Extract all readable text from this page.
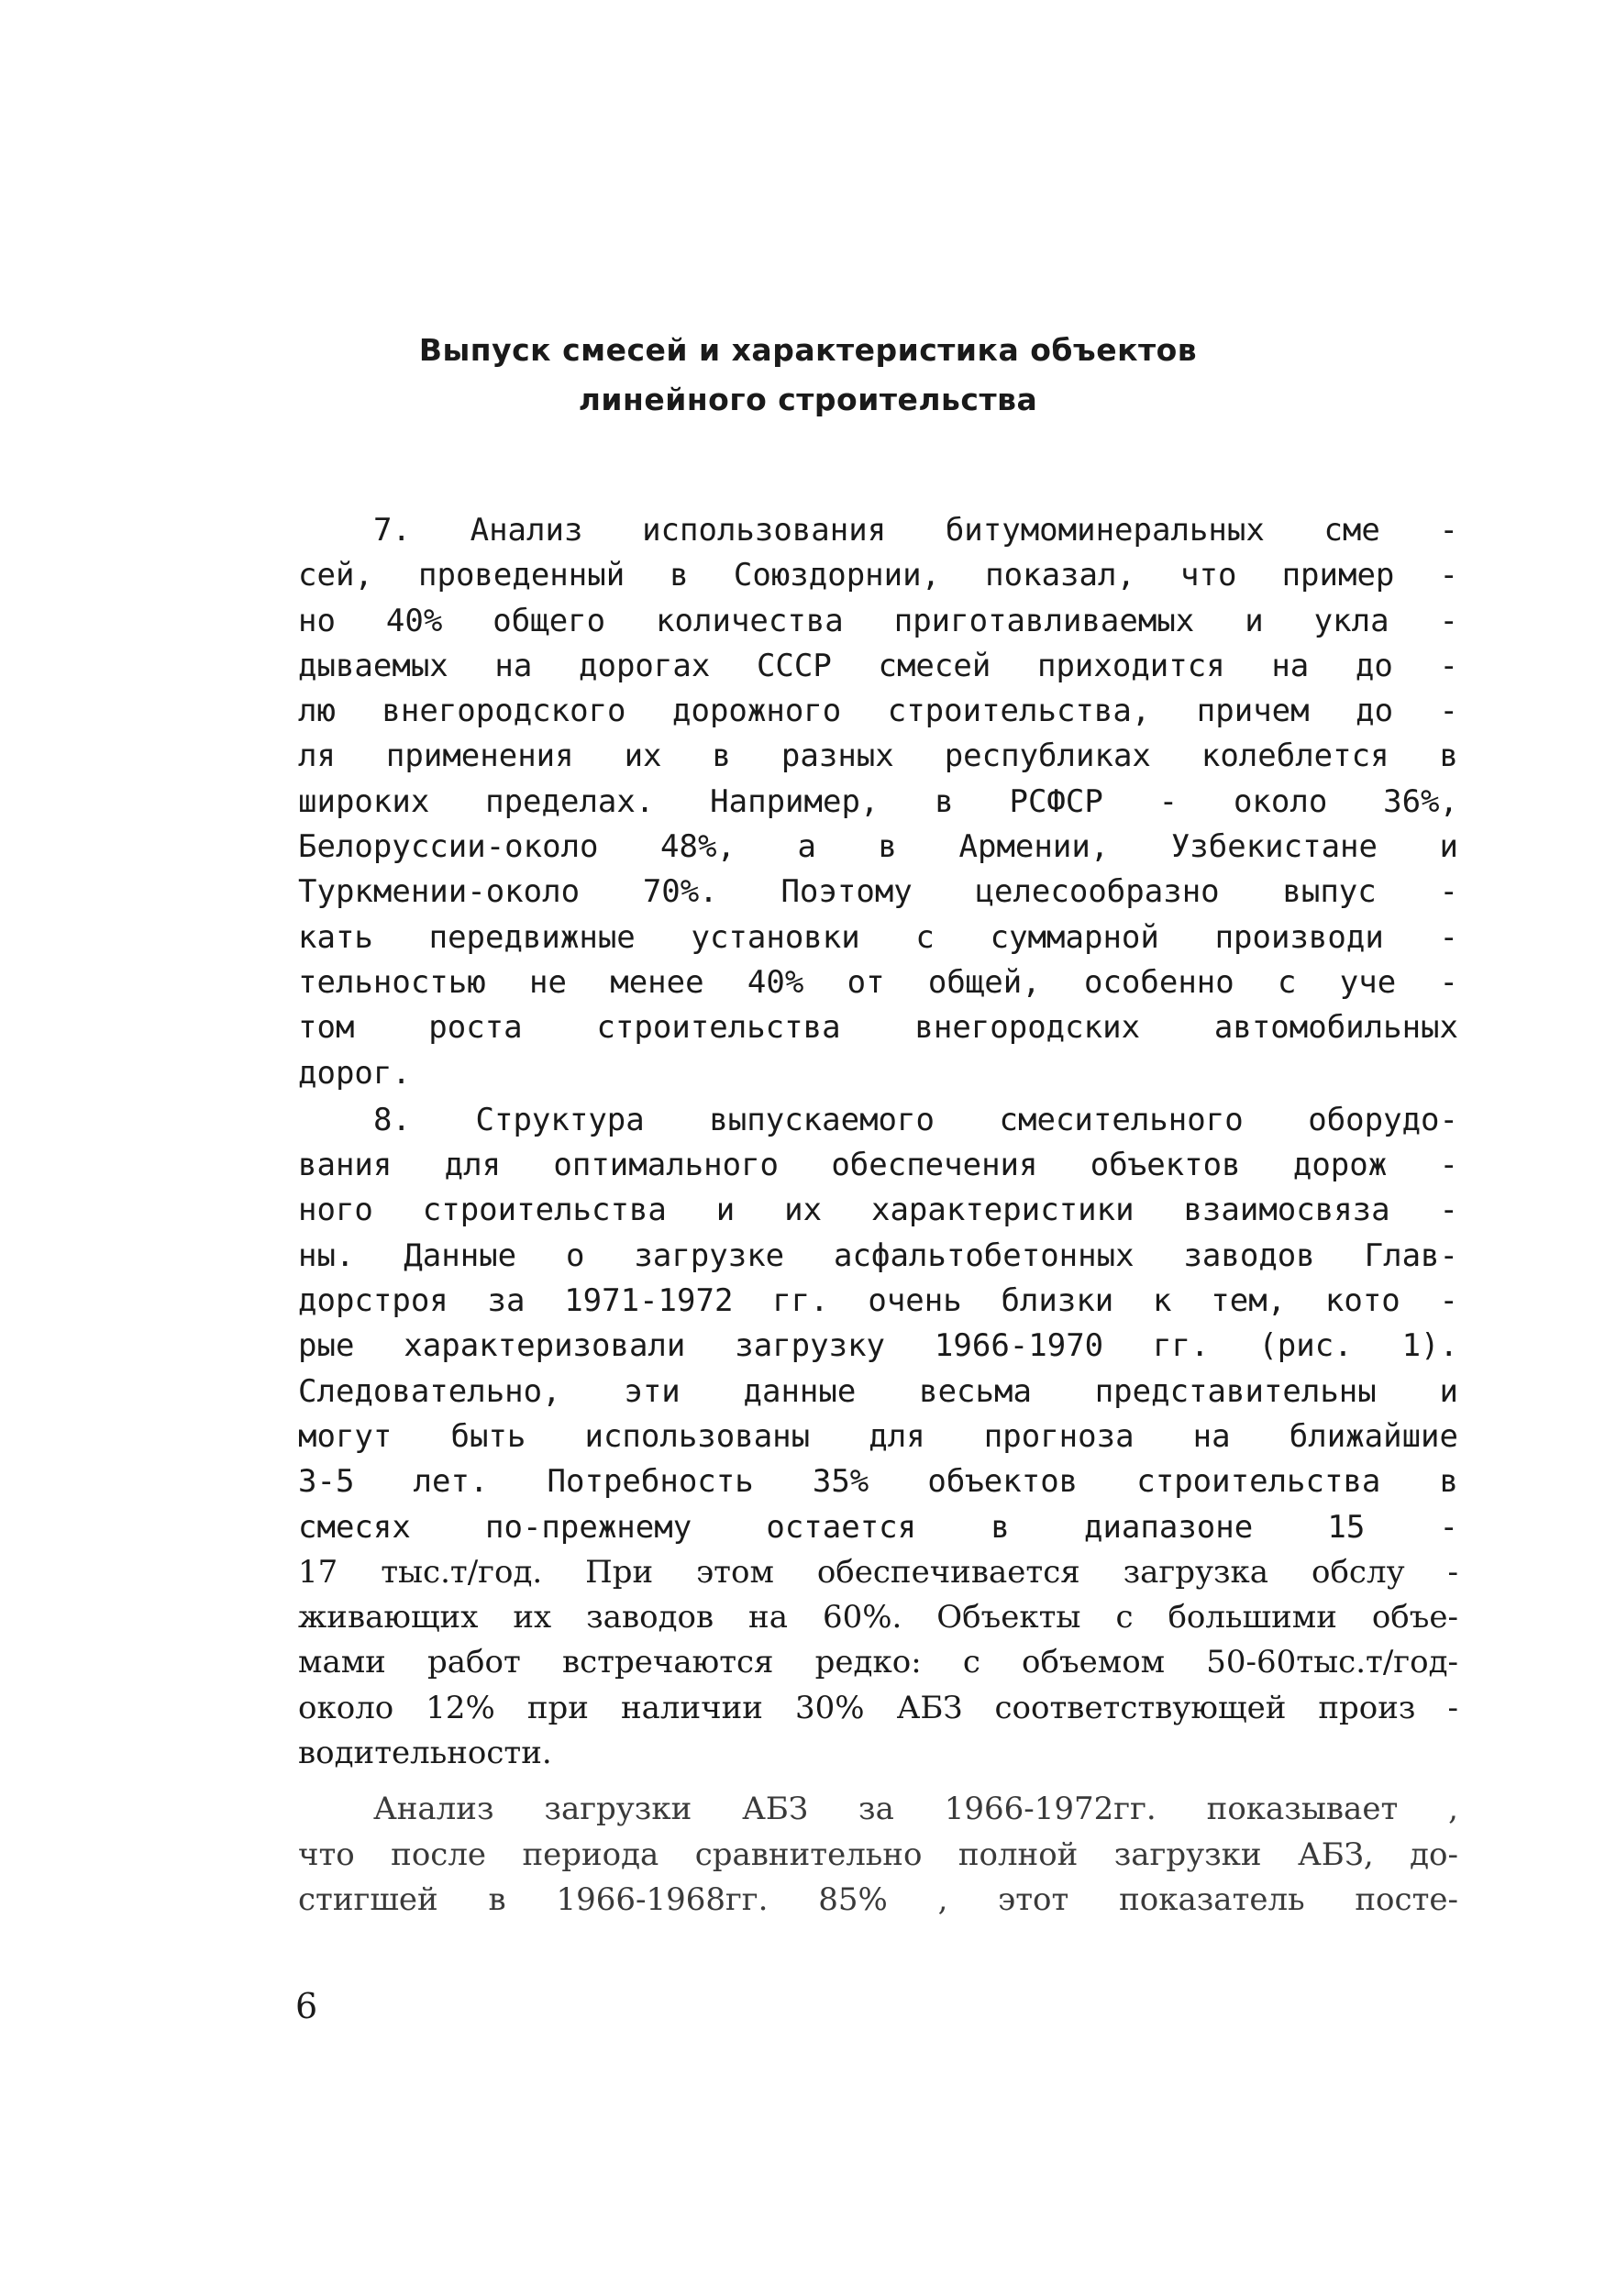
Выпуск смесей и характеристика объектов
линейного строительства
7. Анализ использования битумоминеральных сме -
сей, проведенный в Союздорнии, показал, что пример -
но 40% общего количества приготавливаемых и укла -
дываемых на дорогах СССР смесей приходится на до -
лю внегородского дорожного строительства, причем до -
ля применения их в разных республиках колеблется в
широких пределах. Например, в РСФСР - около 36%,
Белоруссии-около 48%, а в Армении, Узбекистане и
Туркмении-около 70%. Поэтому целесообразно выпус -
кать передвижные установки с суммарной производи -
тельностью не менее 40% от общей, особенно с уче -
том роста строительства внегородских автомобильных
дорог.
8. Структура выпускаемого смесительного оборудо-
вания для оптимального обеспечения объектов дорож -
ного строительства и их характеристики взаимосвяза -
ны. Данные о загрузке асфальтобетонных заводов Глав-
дорстроя за 1971-1972 гг. очень близки к тем, кото -
рые характеризовали загрузку 1966-1970 гг. (рис. 1).
Следовательно, эти данные весьма представительны и
могут быть использованы для прогноза на ближайшие
3-5 лет. Потребность 35% объектов строительства в
смесях по-прежнему остается в диапазоне 15 -
17 тыс.т/год. При этом обеспечивается загрузка обслу -
живающих их заводов на 60%. Объекты с большими объе-
мами работ встречаются редко: с объемом 50-60тыс.т/год-
около 12% при наличии 30% АБЗ соответствующей произ -
водительности.
Анализ загрузки АБЗ за 1966-1972гг. показывает ,
что после периода сравнительно полной загрузки АБЗ, до-
стигшей в 1966-1968гг. 85% , этот показатель посте-
6
